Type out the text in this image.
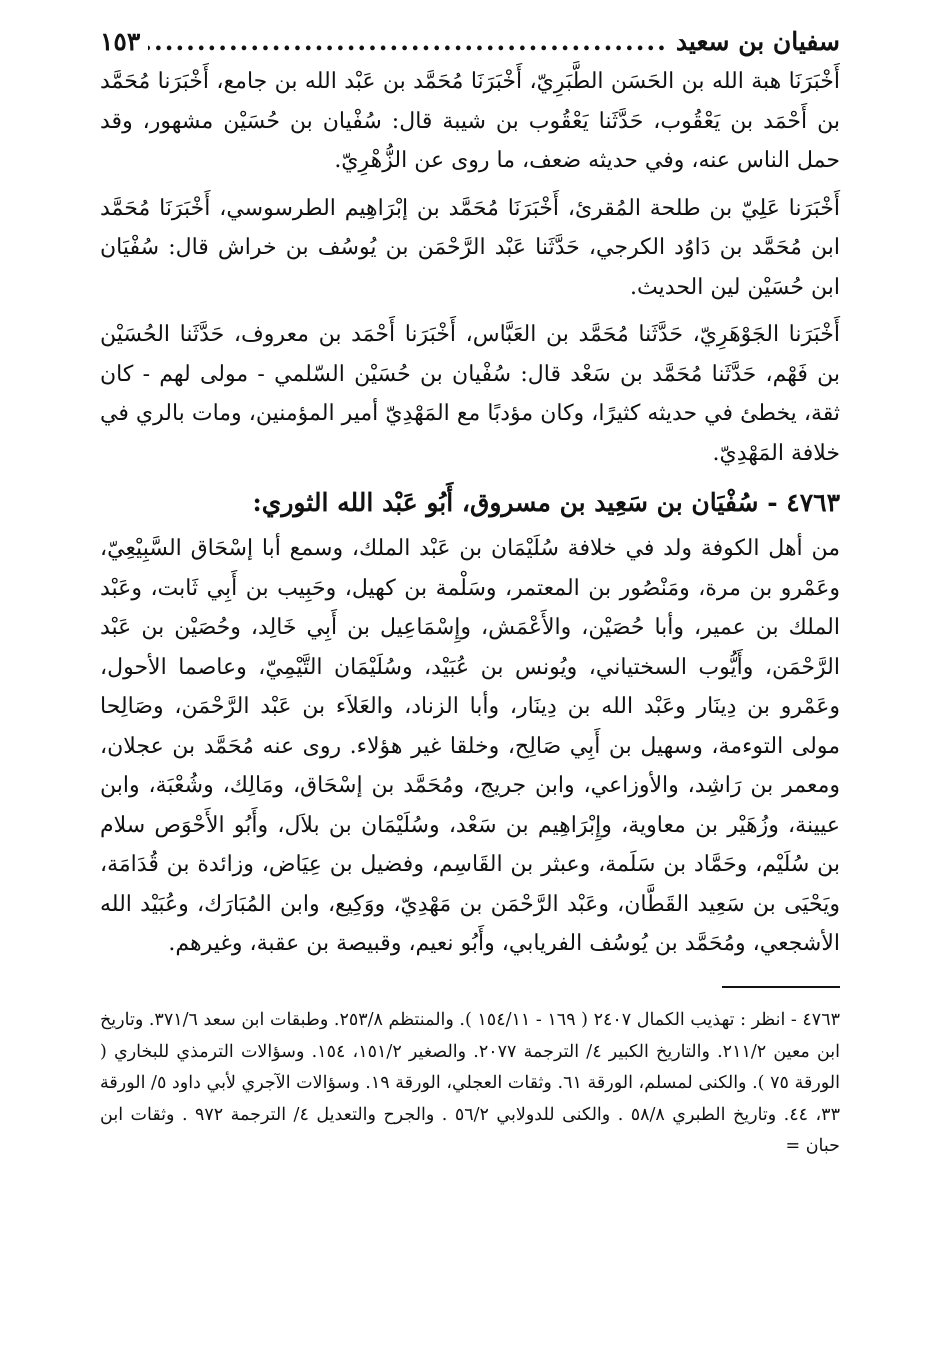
سفيان بن سعيد
.....
١٥٣

أَخْبَرَنَا هبة الله بن الحَسَن الطَّبَرِيّ، أَخْبَرَنَا مُحَمَّد بن عَبْد الله بن جامع، أَخْبَرَنا مُحَمَّد بن أَحْمَد بن يَعْقُوب، حَدَّثَنا يَعْقُوب بن شيبة قال: سُفْيان بن حُسَيْن مشهور، وقد حمل الناس عنه، وفي حديثه ضعف، ما روى عن الزُّهْرِيّ.

أَخْبَرَنا عَلِيّ بن طلحة المُقرئ، أَخْبَرَنَا مُحَمَّد بن إبْرَاهِيم الطرسوسي، أَخْبَرَنَا مُحَمَّد ابن مُحَمَّد بن دَاوُد الكرجي، حَدَّثَنا عَبْد الرَّحْمَن بن يُوسُف بن خراش قال: سُفْيَان ابن حُسَيْن لين الحديث.

أَخْبَرَنا الجَوْهَرِيّ، حَدَّثَنا مُحَمَّد بن العَبَّاس، أَخْبَرَنا أَحْمَد بن معروف، حَدَّثَنا الحُسَيْن بن فَهْم، حَدَّثَنا مُحَمَّد بن سَعْد قال: سُفْيان بن حُسَيْن السّلمي - مولى لهم - كان ثقة، يخطئ في حديثه كثيرًا، وكان مؤدبًا مع المَهْدِيّ أمير المؤمنين، ومات بالري في خلافة المَهْدِيّ.

٤٧٦٣ - سُفْيَان بن سَعِيد بن مسروق، أَبُو عَبْد الله الثوري:

من أهل الكوفة ولد في خلافة سُلَيْمَان بن عَبْد الملك، وسمع أبا إسْحَاق السَّبِيْعِيّ، وعَمْرو بن مرة، ومَنْصُور بن المعتمر، وسَلْمة بن كهيل، وحَبِيب بن أَبِي ثَابت، وعَبْد الملك بن عمير، وأبا حُصَيْن، والأَعْمَش، وإِسْمَاعِيل بن أَبِي خَالِد، وحُصَيْن بن عَبْد الرَّحْمَن، وأَيُّوب السختياني، ويُونس بن عُبَيْد، وسُلَيْمَان التَّيْمِيّ، وعاصما الأحول، وعَمْرو بن دِينَار وعَبْد الله بن دِينَار، وأبا الزناد، والعَلاَء بن عَبْد الرَّحْمَن، وصَالِحا مولى التوءمة، وسهيل بن أَبِي صَالِح، وخلقا غير هؤلاء. روى عنه مُحَمَّد بن عجلان، ومعمر بن رَاشِد، والأوزاعي، وابن جريج، ومُحَمَّد بن إسْحَاق، ومَالِك، وشُعْبَة، وابن عيينة، وزُهَيْر بن معاوية، وإِبْرَاهِيم بن سَعْد، وسُلَيْمَان بن بلاَل، وأَبُو الأَحْوَص سلام بن سُلَيْم، وحَمَّاد بن سَلَمة، وعبثر بن القَاسِم، وفضيل بن عِيَاض، وزائدة بن قُدَامَة، ويَحْيَى بن سَعِيد القَطَّان، وعَبْد الرَّحْمَن بن مَهْدِيّ، ووَكِيع، وابن المُبَارَك، وعُبَيْد الله الأشجعي، ومُحَمَّد بن يُوسُف الفريابي، وأَبُو نعيم، وقبيصة بن عقبة، وغيرهم.

٤٧٦٣ - انظر : تهذيب الكمال ٢٤٠٧ ( ١٦٩ - ١٥٤/١١ ). والمنتظم ٢٥٣/٨. وطبقات ابن سعد ٣٧١/٦. وتاريخ ابن معين ٢١١/٢. والتاريخ الكبير ٤/ الترجمة ٢٠٧٧. والصغير ١٥١/٢، ١٥٤. وسؤالات الترمذي للبخاري ( الورقة ٧٥ ). والكنى لمسلم، الورقة ٦١. وثقات العجلي، الورقة ١٩. وسؤالات الآجري لأبي داود ٥/ الورقة ٣٣، ٤٤. وتاريخ الطبري ٥٨/٨ . والكنى للدولابي ٥٦/٢ . والجرح والتعديل ٤/ الترجمة ٩٧٢ . وثقات ابن حبان =
